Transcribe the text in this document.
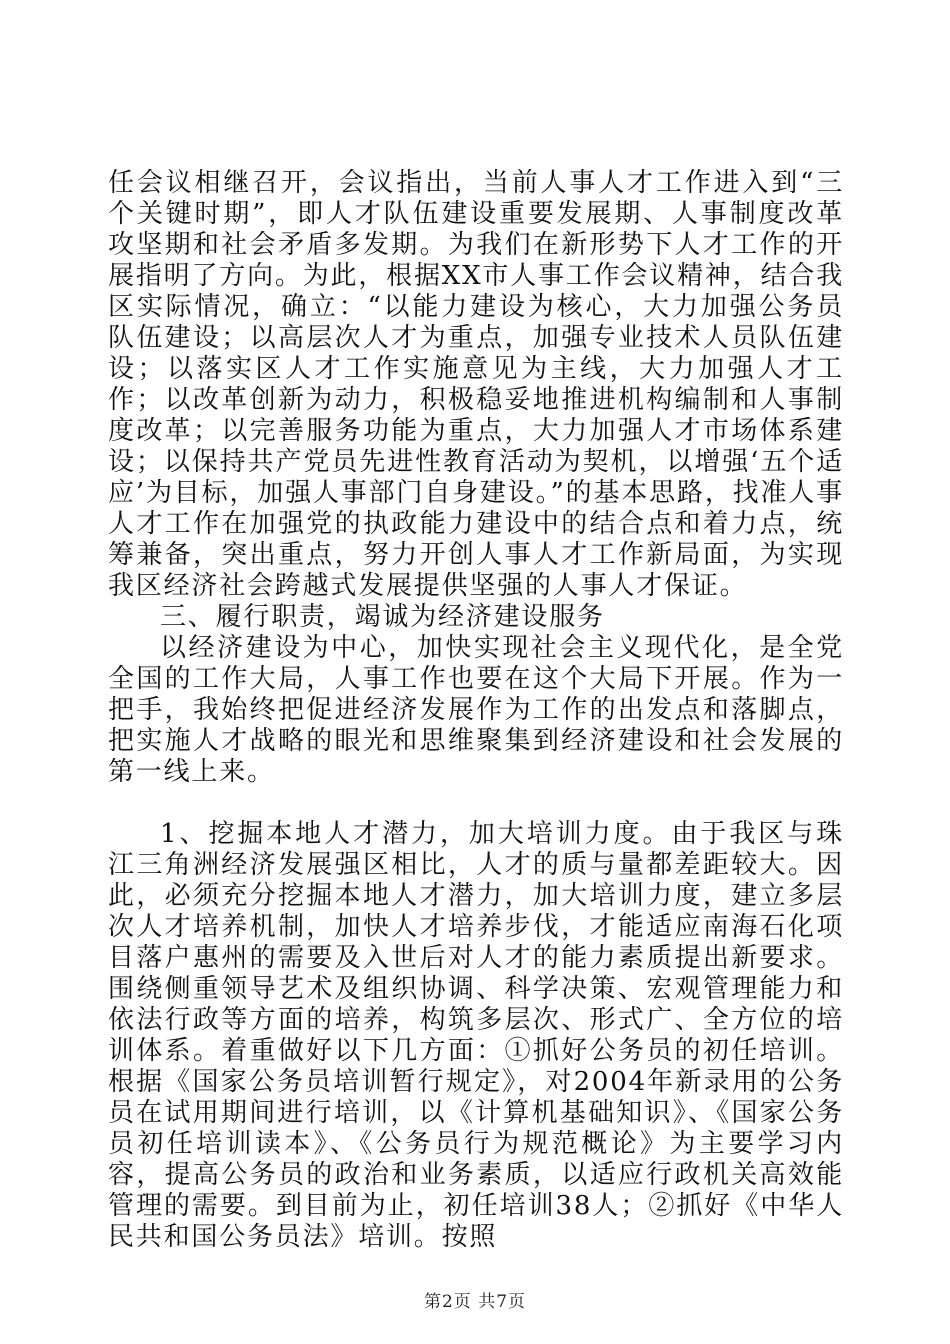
任会议相继召开，会议指出，当前人事人才工作进入到“三个关键时期”，即人才队伍建设重要发展期、人事制度改革攻坚期和社会矛盾多发期。为我们在新形势下人才工作的开展指明了方向。为此，根据XX市人事工作会议精神，结合我区实际情况，确立：“以能力建设为核心，大力加强公务员队伍建设；以高层次人才为重点，加强专业技术人员队伍建设；以落实区人才工作实施意见为主线，大力加强人才工作；以改革创新为动力，积极稳妥地推进机构编制和人事制度改革；以完善服务功能为重点，大力加强人才市场体系建设；以保持共产党员先进性教育活动为契机，以增强‘五个适应’为目标，加强人事部门自身建设。”的基本思路，找准人事人才工作在加强党的执政能力建设中的结合点和着力点，统筹兼备，突出重点，努力开创人事人才工作新局面，为实现我区经济社会跨越式发展提供坚强的人事人才保证。

三、履行职责，竭诚为经济建设服务

以经济建设为中心，加快实现社会主义现代化，是全党全国的工作大局，人事工作也要在这个大局下开展。作为一把手，我始终把促进经济发展作为工作的出发点和落脚点，把实施人才战略的眼光和思维聚集到经济建设和社会发展的第一线上来。

1、挖掘本地人才潜力，加大培训力度。由于我区与珠江三角洲经济发展强区相比，人才的质与量都差距较大。因此，必须充分挖掘本地人才潜力，加大培训力度，建立多层次人才培养机制，加快人才培养步伐，才能适应南海石化项目落户惠州的需要及入世后对人才的能力素质提出新要求。围绕侧重领导艺术及组织协调、科学决策、宏观管理能力和依法行政等方面的培养，构筑多层次、形式广、全方位的培训体系。着重做好以下几方面：①抓好公务员的初任培训。根据《国家公务员培训暂行规定》，对2004年新录用的公务员在试用期间进行培训，以《计算机基础知识》、《国家公务员初任培训读本》、《公务员行为规范概论》为主要学习内容，提高公务员的政治和业务素质，以适应行政机关高效能管理的需要。到目前为止，初任培训38人；②抓好《中华人民共和国公务员法》培训。按照

第2页 共7页
